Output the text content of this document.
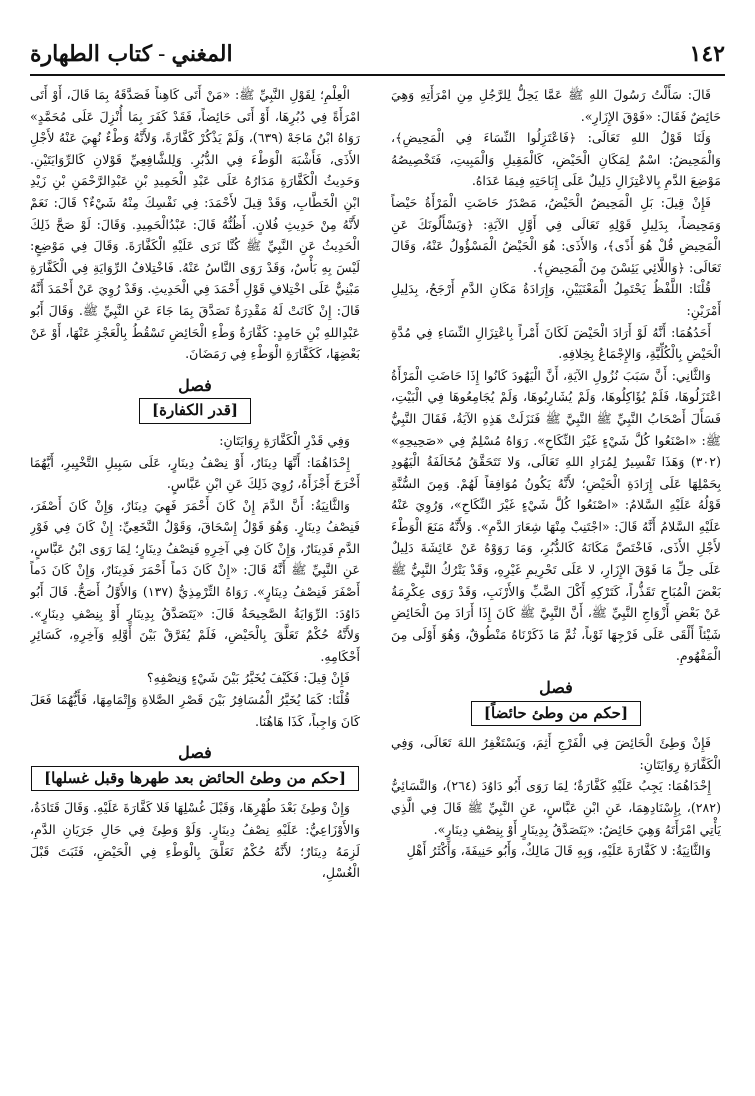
١٤٢
المغني-كتاب الطهارة

قَالَ: سَأَلْتُ رَسُولَ اللهِ ﷺ عَمَّا يَحِلُّ لِلرَّجُلِ مِنِ امْرَأَتِهِ وَهِيَ حَائِضٌ فَقَالَ: «فَوْقَ الإِزَارِ».

وَلَنَا قَوْلُ اللهِ تَعَالَى: ﴿فَاعْتَزِلُوا النِّسَاءَ فِي الْمَحِيضِ﴾، وَالْمَحِيضُ: اسْمٌ لِمَكَانِ الْحَيْضِ، كَالْمَقِيلِ وَالْمَبِيتِ، فَتَخْصِيصُهُ مَوْضِعَ الدَّمِ بِالاعْتِزَالِ دَلِيلٌ عَلَى إِبَاحَتِهِ فِيمَا عَدَاهُ.

فَإِنْ قِيلَ: بَلِ الْمَحِيضُ الْحَيْضُ، مَصْدَرُ حَاضَتِ الْمَرْأَةُ حَيْضاً وَمَحِيضاً، بِدَلِيلِ قَوْلِهِ تَعَالَى فِي أَوَّلِ الآيَةِ: ﴿وَيَسْأَلُونَكَ عَنِ الْمَحِيضِ قُلْ هُوَ أَذًى﴾، وَالأَذَى: هُوَ الْحَيْضُ الْمَسْؤُولُ عَنْهُ، وَقَالَ تَعَالَى: ﴿وَاللَّائِي يَئِسْنَ مِنَ الْمَحِيضِ﴾.

قُلْنَا: اللَّفْظُ يَحْتَمِلُ الْمَعْنَيَيْنِ، وَإِرَادَةُ مَكَانِ الدَّمِ أَرْجَحُ، بِدَلِيلِ أَمْرَيْنِ:

أَحَدُهُمَا: أَنَّهُ لَوْ أَرَادَ الْحَيْضَ لَكَانَ أَمْراً بِاعْتِزَالِ النِّسَاءِ فِي مُدَّةِ الْحَيْضِ بِالْكُلِّيَّةِ، وَالإِجْمَاعُ بِخِلافِهِ.

وَالثَّانِي: أَنَّ سَبَبَ نُزُولِ الآيَةِ، أَنَّ الْيَهُودَ كَانُوا إِذَا حَاضَتِ الْمَرْأَةُ اعْتَزَلُوهَا، فَلَمْ يُؤَاكِلُوهَا، وَلَمْ يُشَارِبُوهَا، وَلَمْ يُجَامِعُوهَا فِي الْبَيْتِ، فَسَأَلَ أَصْحَابُ النَّبِيِّ ﷺ النَّبِيَّ ﷺ فَنَزَلَتْ هَذِهِ الآيَةُ، فَقَالَ النَّبِيُّ ﷺ: «اصْنَعُوا كُلَّ شَيْءٍ غَيْرَ النِّكَاحِ». رَوَاهُ مُسْلِمٌ فِي «صَحِيحِهِ» (٣٠٢) وَهَذَا تَفْسِيرٌ لِمُرَادِ اللهِ تَعَالَى، وَلا تَتَحَقَّقُ مُخَالَفَةُ الْيَهُودِ بِحَمْلِهَا عَلَى إِرَادَةِ الْحَيْضِ؛ لأَنَّهُ يَكُونُ مُوَافِقاً لَهُمْ. وَمِنَ السُّنَّةِ قَوْلُهُ عَلَيْهِ السَّلامُ: «اصْنَعُوا كُلَّ شَيْءٍ غَيْرَ النِّكَاحِ»، وَرُوِيَ عَنْهُ عَلَيْهِ السَّلامُ أَنَّهُ قَالَ: «اجْتَنِبْ مِنْهَا شِعَارَ الدَّمِ». وَلأَنَّهُ مَنَعَ الْوَطْءَ لأَجْلِ الأَذَى، فَاخْتَصَّ مَكَانَهُ كَالدُّبُرِ، وَمَا رَوَوْهُ عَنْ عَائِشَةَ دَلِيلٌ عَلَى حِلِّ مَا فَوْقَ الإِزَارِ، لا عَلَى تَحْرِيمِ غَيْرِهِ، وَقَدْ يَتْرُكُ النَّبِيُّ ﷺ بَعْضَ الْمُبَاحِ تَقَذُّراً، كَتَرْكِهِ أَكْلَ الضَّبِّ وَالأَرْنَبِ، وَقَدْ رَوَى عِكْرِمَةُ عَنْ بَعْضِ أَزْوَاجِ النَّبِيِّ ﷺ، أَنَّ النَّبِيَّ ﷺ كَانَ إِذَا أَرَادَ مِنَ الْحَائِضِ شَيْئاً أَلْقَى عَلَى فَرْجِهَا ثَوْباً، ثُمَّ مَا ذَكَرْنَاهُ مَنْطُوقٌ، وَهُوَ أَوْلَى مِنَ الْمَفْهُومِ.

فصل
[حكم من وطئ حائضاً]

فَإِنْ وَطِئَ الْحَائِضَ فِي الْفَرْجِ أَثِمَ، وَيَسْتَغْفِرُ اللهَ تَعَالَى، وَفِي الْكَفَّارَةِ رِوَايَتَانِ:

إِحْدَاهُمَا: يَجِبُ عَلَيْهِ كَفَّارَةٌ؛ لِمَا رَوَى أَبُو دَاوُدَ (٢٦٤)، وَالنَّسَائِيُّ (٢٨٢)، بِإِسْنَادِهِمَا، عَنِ ابْنِ عَبَّاسٍ، عَنِ النَّبِيِّ ﷺ قَالَ فِي الَّذِي يَأْتِي امْرَأَتَهُ وَهِيَ حَائِضٌ: «يَتَصَدَّقُ بِدِينَارٍ أَوْ بِنِصْفِ دِينَارٍ».

وَالثَّانِيَةُ: لا كَفَّارَةَ عَلَيْهِ، وَبِهِ قَالَ مَالِكٌ، وَأَبُو حَنِيفَةَ، وَأَكْثَرُ أَهْلِ

الْعِلْمِ؛ لِقَوْلِ النَّبِيِّ ﷺ: «مَنْ أَتَى كَاهِناً فَصَدَّقَهُ بِمَا قَالَ، أَوْ أَتَى امْرَأَةً فِي دُبُرِهَا، أَوْ أَتَى حَائِضاً، فَقَدْ كَفَرَ بِمَا أُنْزِلَ عَلَى مُحَمَّدٍ» رَوَاهُ ابْنُ مَاجَهْ (٦٣٩)، وَلَمْ يَذْكُرْ كَفَّارَةً، وَلأَنَّهُ وَطْءٌ نُهِيَ عَنْهُ لأَجْلِ الأَذَى، فَأَشْبَهَ الْوَطْءَ فِي الدُّبُرِ. وَلِلشَّافِعِيِّ قَوْلانِ كَالرِّوَايَتَيْنِ. وَحَدِيثُ الْكَفَّارَةِ مَدَارُهُ عَلَى عَبْدِ الْحَمِيدِ بْنِ عَبْدِالرَّحْمَنِ بْنِ زَيْدِ ابْنِ الْخَطَّابِ، وَقَدْ قِيلَ لأَحْمَدَ: فِي نَفْسِكَ مِنْهُ شَيْءٌ؟ قَالَ: نَعَمْ لأَنَّهُ مِنْ حَدِيثِ فُلانٍ. أَظُنُّهُ قَالَ: عَبْدُالْحَمِيدِ. وَقَالَ: لَوْ صَحَّ ذَلِكَ الْحَدِيثُ عَنِ النَّبِيِّ ﷺ كُنَّا نَرَى عَلَيْهِ الْكَفَّارَةَ. وَقَالَ فِي مَوْضِعٍ: لَيْسَ بِهِ بَأْسٌ، وَقَدْ رَوَى النَّاسُ عَنْهُ. فَاخْتِلافُ الرِّوَايَةِ فِي الْكَفَّارَةِ مَبْنِيٌّ عَلَى اخْتِلافِ قَوْلِ أَحْمَدَ فِي الْحَدِيثِ. وَقَدْ رُوِيَ عَنْ أَحْمَدَ أَنَّهُ قَالَ: إِنْ كَانَتْ لَهُ مَقْدِرَةٌ تَصَدَّقَ بِمَا جَاءَ عَنِ النَّبِيِّ ﷺ. وَقَالَ أَبُو عَبْدِاللهِ بْنِ حَامِدٍ: كَفَّارَةُ وَطْءِ الْحَائِضِ تَسْقُطُ بِالْعَجْزِ عَنْهَا، أَوْ عَنْ بَعْضِهَا، كَكَفَّارَةِ الْوَطْءِ فِي رَمَضَانَ.

فصل
[قدر الكفارة]

وَفِي قَدْرِ الْكَفَّارَةِ رِوَايَتَانِ:

إِحْدَاهُمَا: أَنَّهَا دِينَارٌ، أَوْ نِصْفُ دِينَارٍ، عَلَى سَبِيلِ التَّخْيِيرِ، أَيَّهُمَا أَخْرَجَ أَجْزَأَهُ، رُوِيَ ذَلِكَ عَنِ ابْنِ عَبَّاسٍ.

وَالثَّانِيَةُ: أَنَّ الدَّمَ إِنْ كَانَ أَحْمَرَ فَهِيَ دِينَارٌ، وَإِنْ كَانَ أَصْفَرَ، فَنِصْفُ دِينَارٍ. وَهُوَ قَوْلُ إِسْحَاقَ، وَقَوْلُ النَّخَعِيِّ: إِنْ كَانَ فِي فَوْرِ الدَّمِ فَدِينَارٌ، وَإِنْ كَانَ فِي آخِرِهِ فَنِصْفُ دِينَارٍ؛ لِمَا رَوَى ابْنُ عَبَّاسٍ، عَنِ النَّبِيِّ ﷺ أَنَّهُ قَالَ: «إِنْ كَانَ دَماً أَحْمَرَ فَدِينَارٌ، وَإِنْ كَانَ دَماً أَصْفَرَ فَنِصْفُ دِينَارٍ». رَوَاهُ التِّرْمِذِيُّ (١٣٧) وَالأَوَّلُ أَصَحُّ. قَالَ أَبُو دَاوُدَ: الرِّوَايَةُ الصَّحِيحَةُ قَالَ: «يَتَصَدَّقُ بِدِينَارٍ أَوْ بِنِصْفِ دِينَارٍ». وَلأَنَّهُ حُكْمٌ تَعَلَّقَ بِالْحَيْضِ، فَلَمْ يُفَرَّقْ بَيْنَ أَوَّلِهِ وَآخِرِهِ، كَسَائِرِ أَحْكَامِهِ.

فَإِنْ قِيلَ: فَكَيْفَ يُخَيَّرُ بَيْنَ شَيْءٍ وَنِصْفِهِ؟

قُلْنَا: كَمَا يُخَيَّرُ الْمُسَافِرُ بَيْنَ قَصْرِ الصَّلاةِ وَإِتْمَامِهَا، فَأَيُّهُمَا فَعَلَ كَانَ وَاجِباً، كَذَا هَاهُنَا.

فصل
[حكم من وطئ الحائض بعد طهرها وقبل غسلها]

وَإِنْ وَطِئَ بَعْدَ طُهْرِهَا، وَقَبْلَ غُسْلِهَا فَلا كَفَّارَةَ عَلَيْهِ. وَقَالَ قَتَادَةُ، وَالأَوْزَاعِيُّ: عَلَيْهِ نِصْفُ دِينَارٍ. وَلَوْ وَطِئَ فِي حَالِ جَرَيَانِ الدَّمِ، لَزِمَهُ دِينَارٌ؛ لأَنَّهُ حُكْمٌ تَعَلَّقَ بِالْوَطْءِ فِي الْحَيْضِ، فَثَبَتَ قَبْلَ الْغُسْلِ،
